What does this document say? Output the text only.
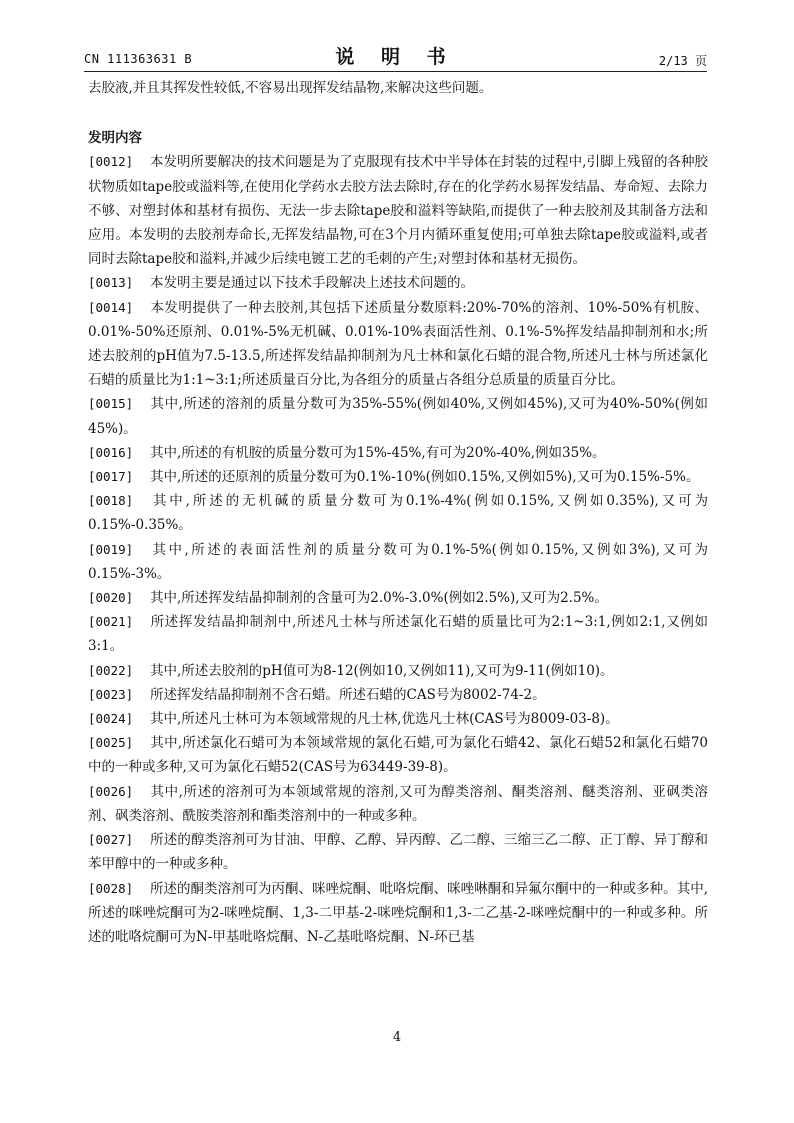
CN 111363631 B	说 明 书	2/13 页

去胶液,并且其挥发性较低,不容易出现挥发结晶物,来解决这些问题。

发明内容

[0012] 本发明所要解决的技术问题是为了克服现有技术中半导体在封装的过程中,引脚上残留的各种胶状物质如tape胶或溢料等,在使用化学药水去胶方法去除时,存在的化学药水易挥发结晶、寿命短、去除力不够、对塑封体和基材有损伤、无法一步去除tape胶和溢料等缺陷,而提供了一种去胶剂及其制备方法和应用。本发明的去胶剂寿命长,无挥发结晶物,可在3个月内循环重复使用;可单独去除tape胶或溢料,或者同时去除tape胶和溢料,并减少后续电镀工艺的毛刺的产生;对塑封体和基材无损伤。

[0013] 本发明主要是通过以下技术手段解决上述技术问题的。

[0014] 本发明提供了一种去胶剂,其包括下述质量分数原料:20%-70%的溶剂、10%-50%有机胺、0.01%-50%还原剂、0.01%-5%无机碱、0.01%-10%表面活性剂、0.1%-5%挥发结晶抑制剂和水;所述去胶剂的pH值为7.5-13.5,所述挥发结晶抑制剂为凡士林和氯化石蜡的混合物,所述凡士林与所述氯化石蜡的质量比为1:1~3:1;所述质量百分比,为各组分的质量占各组分总质量的质量百分比。

[0015] 其中,所述的溶剂的质量分数可为35%-55%(例如40%,又例如45%),又可为40%-50%(例如45%)。

[0016] 其中,所述的有机胺的质量分数可为15%-45%,有可为20%-40%,例如35%。

[0017] 其中,所述的还原剂的质量分数可为0.1%-10%(例如0.15%,又例如5%),又可为0.15%-5%。

[0018] 其中,所述的无机碱的质量分数可为0.1%-4%(例如0.15%,又例如0.35%),又可为0.15%-0.35%。

[0019] 其中,所述的表面活性剂的质量分数可为0.1%-5%(例如0.15%,又例如3%),又可为0.15%-3%。

[0020] 其中,所述挥发结晶抑制剂的含量可为2.0%-3.0%(例如2.5%),又可为2.5%。

[0021] 所述挥发结晶抑制剂中,所述凡士林与所述氯化石蜡的质量比可为2:1~3:1,例如2:1,又例如3:1。

[0022] 其中,所述去胶剂的pH值可为8-12(例如10,又例如11),又可为9-11(例如10)。

[0023] 所述挥发结晶抑制剂不含石蜡。所述石蜡的CAS号为8002-74-2。

[0024] 其中,所述凡士林可为本领域常规的凡士林,优选凡士林(CAS号为8009-03-8)。

[0025] 其中,所述氯化石蜡可为本领域常规的氯化石蜡,可为氯化石蜡42、氯化石蜡52和氯化石蜡70中的一种或多种,又可为氯化石蜡52(CAS号为63449-39-8)。

[0026] 其中,所述的溶剂可为本领域常规的溶剂,又可为醇类溶剂、酮类溶剂、醚类溶剂、亚砜类溶剂、砜类溶剂、酰胺类溶剂和酯类溶剂中的一种或多种。

[0027] 所述的醇类溶剂可为甘油、甲醇、乙醇、异丙醇、乙二醇、三缩三乙二醇、正丁醇、异丁醇和苯甲醇中的一种或多种。

[0028] 所述的酮类溶剂可为丙酮、咪唑烷酮、吡咯烷酮、咪唑啉酮和异氟尔酮中的一种或多种。其中,所述的咪唑烷酮可为2-咪唑烷酮、1,3-二甲基-2-咪唑烷酮和1,3-二乙基-2-咪唑烷酮中的一种或多种。所述的吡咯烷酮可为N-甲基吡咯烷酮、N-乙基吡咯烷酮、N-环已基

4
